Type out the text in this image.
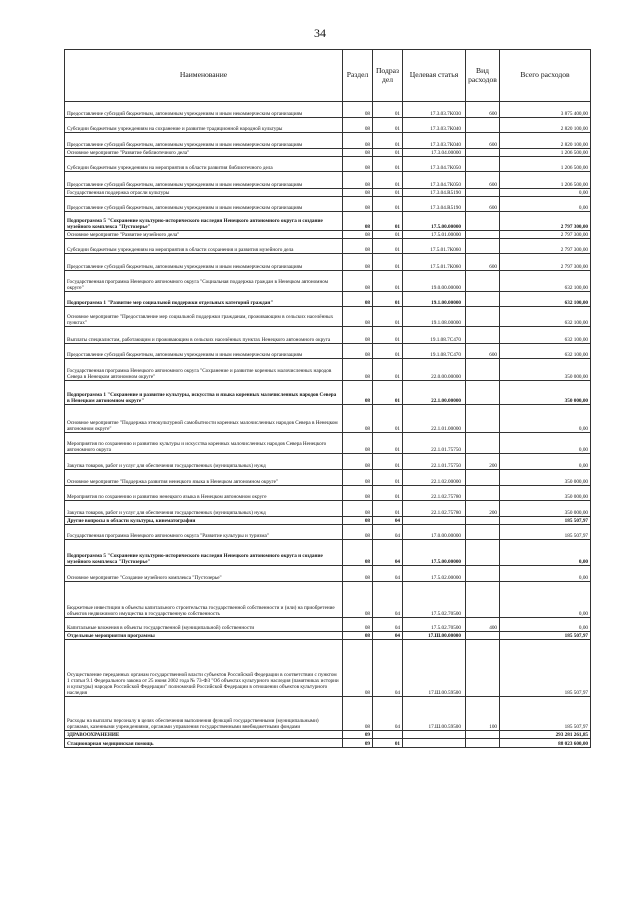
34
Наименование	Раздел	Подраз дел	Целевая статья	Вид расходов	Всего расходов
Предоставление субсидий бюджетным, автономным учреждениям и иным некоммерческим организациям	08	01	17.3.03.7К030	600	3 875 400,00
Субсидии бюджетным учреждениям на сохранение и развитие традиционной народной культуры	08	01	17.3.03.7К040		2 820 100,00
Предоставление субсидий бюджетным, автономным учреждениям и иным некоммерческим организациям	08	01	17.3.03.7К040	600	2 820 100,00
Основное мероприятие "Развитие библиотечного дела"	08	01	17.3.04.00000		1 206 500,00
Субсидии бюджетным учреждениям на мероприятия в области развития библиотечного дела	08	01	17.3.04.7К050		1 206 500,00
Предоставление субсидий бюджетным, автономным учреждениям и иным некоммерческим организациям	08	01	17.3.04.7К050	600	1 206 500,00
Государственная поддержка отрасли культуры	08	01	17.3.04.R5190		0,00
Предоставление субсидий бюджетным, автономным учреждениям и иным некоммерческим организациям	08	01	17.3.04.R5190	600	0,00
Подпрограмма 5 "Сохранение культурно-исторического наследия Ненецкого автономного округа и создание музейного комплекса "Пустозерье"	08	01	17.5.00.00000		2 797 300,00
Основное мероприятие "Развитие музейного дела"	08	01	17.5.01.00000		2 797 300,00
Субсидии бюджетным учреждениям на мероприятия в области сохранения и развития музейного дела	08	01	17.5.01.7К060		2 797 300,00
Предоставление субсидий бюджетным, автономным учреждениям и иным некоммерческим организациям	08	01	17.5.01.7К060	600	2 797 300,00
Государственная программа Ненецкого автономного округа "Социальная поддержка граждан в Ненецком автономном округе"	08	01	19.0.00.00000		632 100,00
Подпрограмма 1 "Развитие мер социальной поддержки отдельных категорий граждан"	08	01	19.1.00.00000		632 100,00
Основное мероприятие "Предоставление мер социальной поддержки гражданам, проживающим в сельских населённых пунктах"	08	01	19.1.08.00000		632 100,00
Выплаты специалистам, работающим и проживающим в сельских населённых пунктах Ненецкого автономного округа	08	01	19.1.08.7С470		632 100,00
Предоставление субсидий бюджетным, автономным учреждениям и иным некоммерческим организациям	08	01	19.1.08.7С470	600	632 100,00
Государственная программа Ненецкого автономного округа "Сохранение и развитие коренных малочисленных народов Севера в Ненецком автономном округе"	08	01	22.0.00.00000		350 000,00
Подпрограмма 1 "Сохранение и развитие культуры, искусства и языка коренных малочисленных народов Севера в Ненецком автономном округе"	08	01	22.1.00.00000		350 000,00
Основное мероприятие "Поддержка этнокультурной самобытности коренных малочисленных народов Севера в Ненецком автономном округе"	08	01	22.1.01.00000		0,00
Мероприятия по сохранению и развитию культуры и искусства коренных малочисленных народов Севера Ненецкого автономного округа	08	01	22.1.01.75750		0,00
Закупка товаров, работ и услуг для обеспечения государственных (муниципальных) нужд	08	01	22.1.01.75750	200	0,00
Основное мероприятие "Поддержка развития ненецкого языка в Ненецком автономном округе"	08	01	22.1.02.00000		350 000,00
Мероприятия по сохранению и развитию ненецкого языка в Ненецком автономном округе	08	01	22.1.02.75780		350 000,00
Закупка товаров, работ и услуг для обеспечения государственных (муниципальных) нужд	08	01	22.1.02.75780	200	350 000,00
Другие вопросы в области культуры, кинематографии	08	04			185 507,97
Государственная программа Ненецкого автономного округа "Развитие культуры и туризма"	08	04	17.0.00.00000		185 507,97
Подпрограмма 5 "Сохранение культурно-исторического наследия Ненецкого автономного округа и создание музейного комплекса "Пустозерье"	08	04	17.5.00.00000		0,00
Основное мероприятие "Создание музейного комплекса "Пустозерье"	08	04	17.5.02.00000		0,00
Бюджетные инвестиции в объекты капитального строительства государственной собственности и (или) на приобретение объектов недвижимого имущества в государственную собственность	08	04	17.5.02.70500		0,00
Капитальные вложения в объекты государственной (муниципальной) собственности	08	04	17.5.02.70500	400	0,00
Отдельные мероприятия программы	08	04	17.Ш.00.00000		185 507,97
Осуществление переданных органам государственной власти субъектов Российской Федерации в соответствии с пунктом 1 статьи 9.1 Федерального закона от 25 июня 2002 года № 73-ФЗ "Об объектах культурного наследия (памятниках истории и культуры) народов Российской Федерации" полномочий Российской Федерации в отношении объектов культурного наследия	08	04	17.Ш.00.59500		185 507,97
Расходы на выплаты персоналу в целях обеспечения выполнения функций государственными (муниципальными) органами, казенными учреждениями, органами управления государственными внебюджетными фондами	08	04	17.Ш.00.59500	100	185 507,97
ЗДРАВООХРАНЕНИЕ	09				293 281 261,85
Стационарная медицинская помощь	09	01			88 023 600,00
